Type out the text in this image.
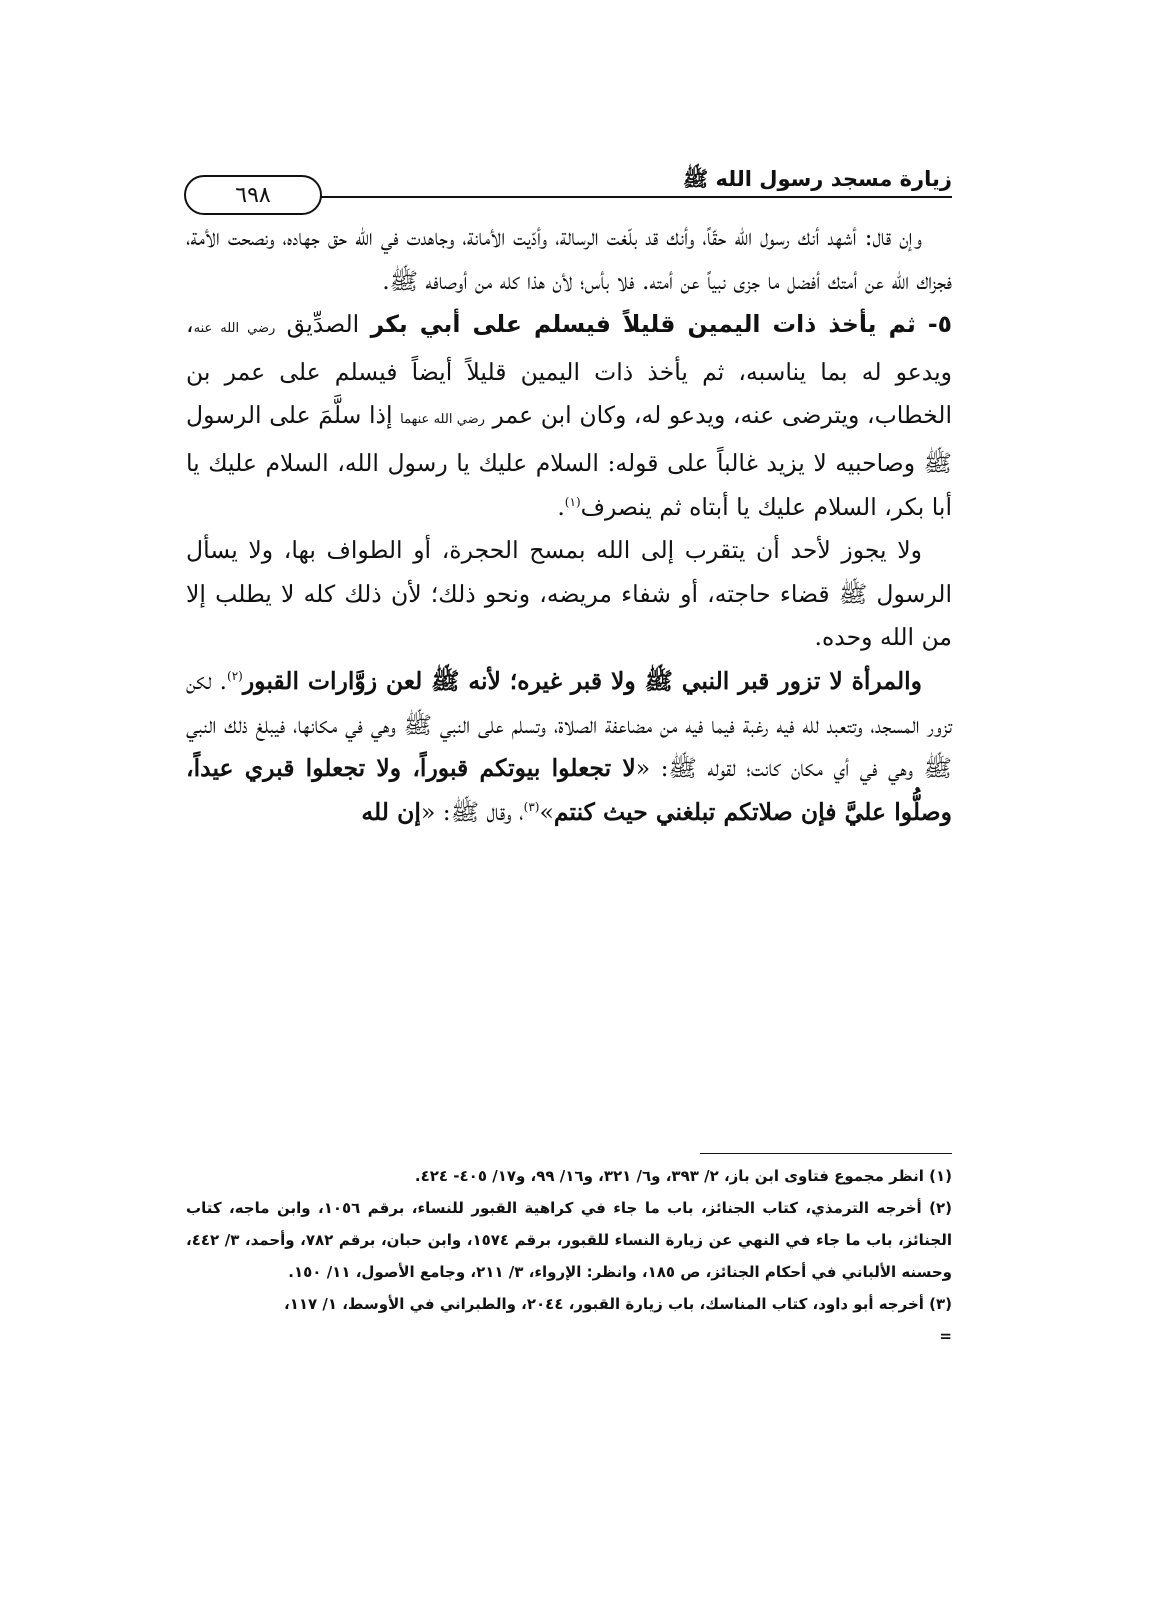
زيارة مسجد رسول الله ﷺ
٦٩٨

وإن قال: أشهد أنك رسول الله حقّاً، وأنك قد بلّغت الرسالة، وأدّيت الأمانة، وجاهدت في الله حق جهاده، ونصحت الأمة، فجزاك الله عن أمتك أفضل ما جزى نبياً عن أمته. فلا بأس؛ لأن هذا كله من أوصافه ﷺ.

٥- ثم يأخذ ذات اليمين قليلاً فيسلم على أبي بكر الصدِّيق رضي الله عنه، ويدعو له بما يناسبه، ثم يأخذ ذات اليمين قليلاً أيضاً فيسلم على عمر بن الخطاب، ويترضى عنه، ويدعو له، وكان ابن عمر رضي الله عنهما إذا سلَّمَ على الرسول ﷺ وصاحبيه لا يزيد غالباً على قوله: السلام عليك يا رسول الله، السلام عليك يا أبا بكر، السلام عليك يا أبتاه ثم ينصرف$^{(١)}$.

ولا يجوز لأحد أن يتقرب إلى الله بمسح الحجرة، أو الطواف بها، ولا يسأل الرسول ﷺ قضاء حاجته، أو شفاء مريضه، ونحو ذلك؛ لأن ذلك كله لا يطلب إلا من الله وحده.

والمرأة لا تزور قبر النبي ﷺ ولا قبر غيره؛ لأنه ﷺ لعن زوَّارات القبور$^{(٢)}$. لكن تزور المسجد، وتتعبد لله فيه رغبة فيما فيه من مضاعفة الصلاة، وتسلم على النبي ﷺ وهي في مكانها، فيبلغ ذلك النبي ﷺ وهي في أي مكان كانت؛ لقوله ﷺ: «لا تجعلوا بيوتكم قبوراً، ولا تجعلوا قبري عيداً، وصلُّوا عليَّ فإن صلاتكم تبلغني حيث كنتم»$^{(٣)}$، وقال ﷺ: «إن لله

(١) انظر مجموع فتاوى ابن باز، ٢/ ٣٩٣، و٦/ ٣٢١، و١٦/ ٩٩، و١٧/ ٤٠٥- ٤٢٤.

(٢) أخرجه الترمذي، كتاب الجنائز، باب ما جاء في كراهية القبور للنساء، برقم ١٠٥٦، وابن ماجه، كتاب الجنائز، باب ما جاء في النهي عن زيارة النساء للقبور، برقم ١٥٧٤، وابن حبان، برقم ٧٨٢، وأحمد، ٣/ ٤٤٢، وحسنه الألباني في أحكام الجنائز، ص ١٨٥، وانظر: الإرواء، ٣/ ٢١١، وجامع الأصول، ١١/ ١٥٠.

(٣) أخرجه أبو داود، كتاب المناسك، باب زيارة القبور، ٢٠٤٤، والطبراني في الأوسط، ١/ ١١٧،

=
